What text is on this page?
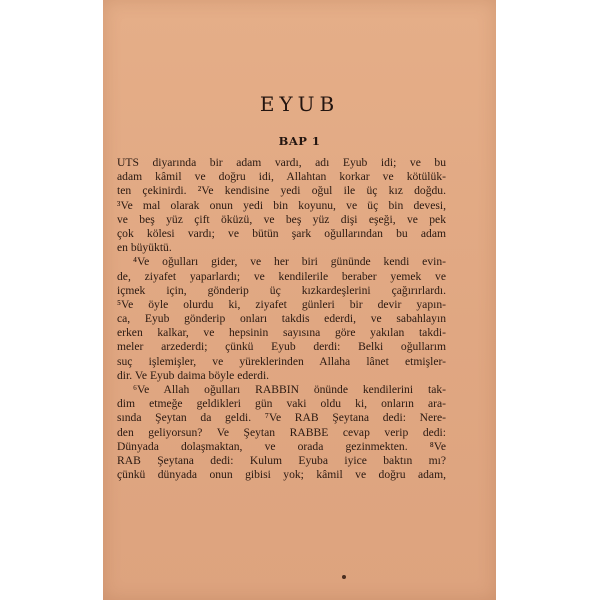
EYUB
BAP 1
UTS diyarında bir adam vardı, adı Eyub idi; ve bu
adam kâmil ve doğru idi, Allahtan korkar ve kötülük-
ten çekinirdi. ²Ve kendisine yedi oğul ile üç kız doğdu.
³Ve mal olarak onun yedi bin koyunu, ve üç bin devesi,
ve beş yüz çift öküzü, ve beş yüz dişi eşeği, ve pek
çok kölesi vardı; ve bütün şark oğullarından bu adam
en büyüktü.
⁴Ve oğulları gider, ve her biri gününde kendi evin-
de, ziyafet yaparlardı; ve kendilerile beraber yemek ve
içmek için, gönderip üç kızkardeşlerini çağırırlardı.
⁵Ve öyle olurdu ki, ziyafet günleri bir devir yapın-
ca, Eyub gönderip onları takdis ederdi, ve sabahlayın
erken kalkar, ve hepsinin sayısına göre yakılan takdi-
meler arzederdi; çünkü Eyub derdi: Belki oğullarım
suç işlemişler, ve yüreklerinden Allaha lânet etmişler-
dir. Ve Eyub daima böyle ederdi.
⁶Ve Allah oğulları RABBIN önünde kendilerini tak-
dim etmeğe geldikleri gün vaki oldu ki, onların ara-
sında Şeytan da geldi. ⁷Ve RAB Şeytana dedi: Nere-
den geliyorsun? Ve Şeytan RABBE cevap verip dedi:
Dünyada dolaşmaktan, ve orada gezinmekten. ⁸Ve
RAB Şeytana dedi: Kulum Eyuba iyice baktın mı?
çünkü dünyada onun gibisi yok; kâmil ve doğru adam,
